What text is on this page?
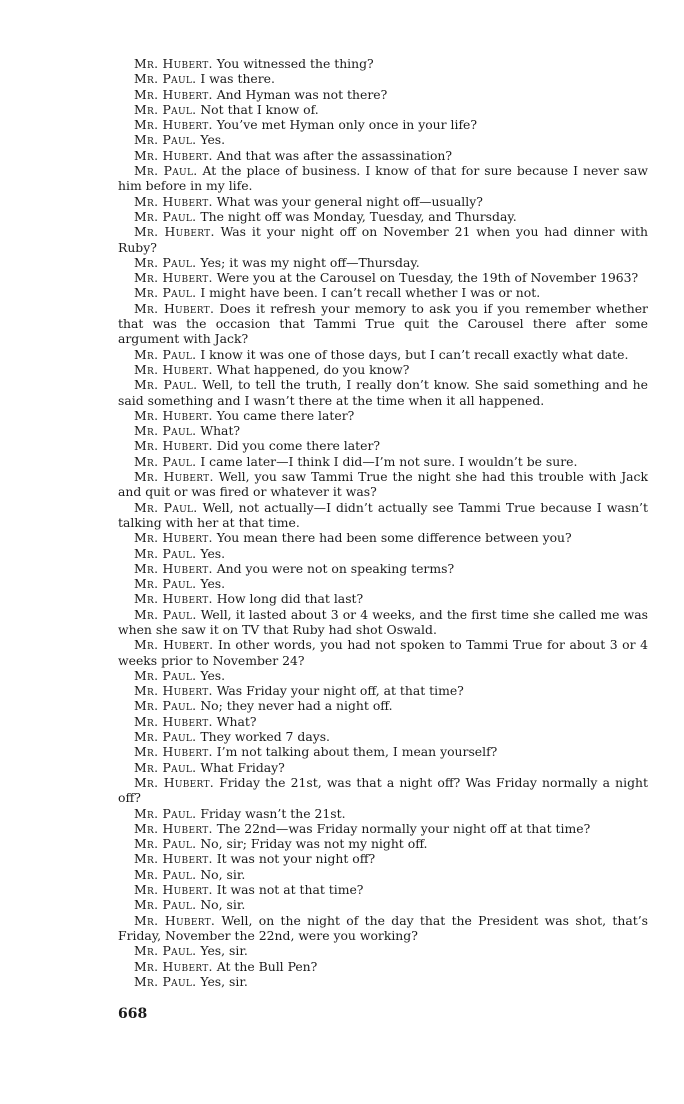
Mr. Hubert. You witnessed the thing?

Mr. Paul. I was there.

Mr. Hubert. And Hyman was not there?

Mr. Paul. Not that I know of.

Mr. Hubert. You’ve met Hyman only once in your life?

Mr. Paul. Yes.

Mr. Hubert. And that was after the assassination?

Mr. Paul. At the place of business. I know of that for sure because I never saw him before in my life.

Mr. Hubert. What was your general night off—usually?

Mr. Paul. The night off was Monday, Tuesday, and Thursday.

Mr. Hubert. Was it your night off on November 21 when you had dinner with Ruby?

Mr. Paul. Yes; it was my night off—Thursday.

Mr. Hubert. Were you at the Carousel on Tuesday, the 19th of November 1963?

Mr. Paul. I might have been. I can’t recall whether I was or not.

Mr. Hubert. Does it refresh your memory to ask you if you remember whether that was the occasion that Tammi True quit the Carousel there after some argument with Jack?

Mr. Paul. I know it was one of those days, but I can’t recall exactly what date.

Mr. Hubert. What happened, do you know?

Mr. Paul. Well, to tell the truth, I really don’t know. She said something and he said something and I wasn’t there at the time when it all happened.

Mr. Hubert. You came there later?

Mr. Paul. What?

Mr. Hubert. Did you come there later?

Mr. Paul. I came later—I think I did—I’m not sure. I wouldn’t be sure.

Mr. Hubert. Well, you saw Tammi True the night she had this trouble with Jack and quit or was fired or whatever it was?

Mr. Paul. Well, not actually—I didn’t actually see Tammi True because I wasn’t talking with her at that time.

Mr. Hubert. You mean there had been some difference between you?

Mr. Paul. Yes.

Mr. Hubert. And you were not on speaking terms?

Mr. Paul. Yes.

Mr. Hubert. How long did that last?

Mr. Paul. Well, it lasted about 3 or 4 weeks, and the first time she called me was when she saw it on TV that Ruby had shot Oswald.

Mr. Hubert. In other words, you had not spoken to Tammi True for about 3 or 4 weeks prior to November 24?

Mr. Paul. Yes.

Mr. Hubert. Was Friday your night off, at that time?

Mr. Paul. No; they never had a night off.

Mr. Hubert. What?

Mr. Paul. They worked 7 days.

Mr. Hubert. I’m not talking about them, I mean yourself?

Mr. Paul. What Friday?

Mr. Hubert. Friday the 21st, was that a night off? Was Friday normally a night off?

Mr. Paul. Friday wasn’t the 21st.

Mr. Hubert. The 22nd—was Friday normally your night off at that time?

Mr. Paul. No, sir; Friday was not my night off.

Mr. Hubert. It was not your night off?

Mr. Paul. No, sir.

Mr. Hubert. It was not at that time?

Mr. Paul. No, sir.

Mr. Hubert. Well, on the night of the day that the President was shot, that’s Friday, November the 22nd, were you working?

Mr. Paul. Yes, sir.

Mr. Hubert. At the Bull Pen?

Mr. Paul. Yes, sir.

668
